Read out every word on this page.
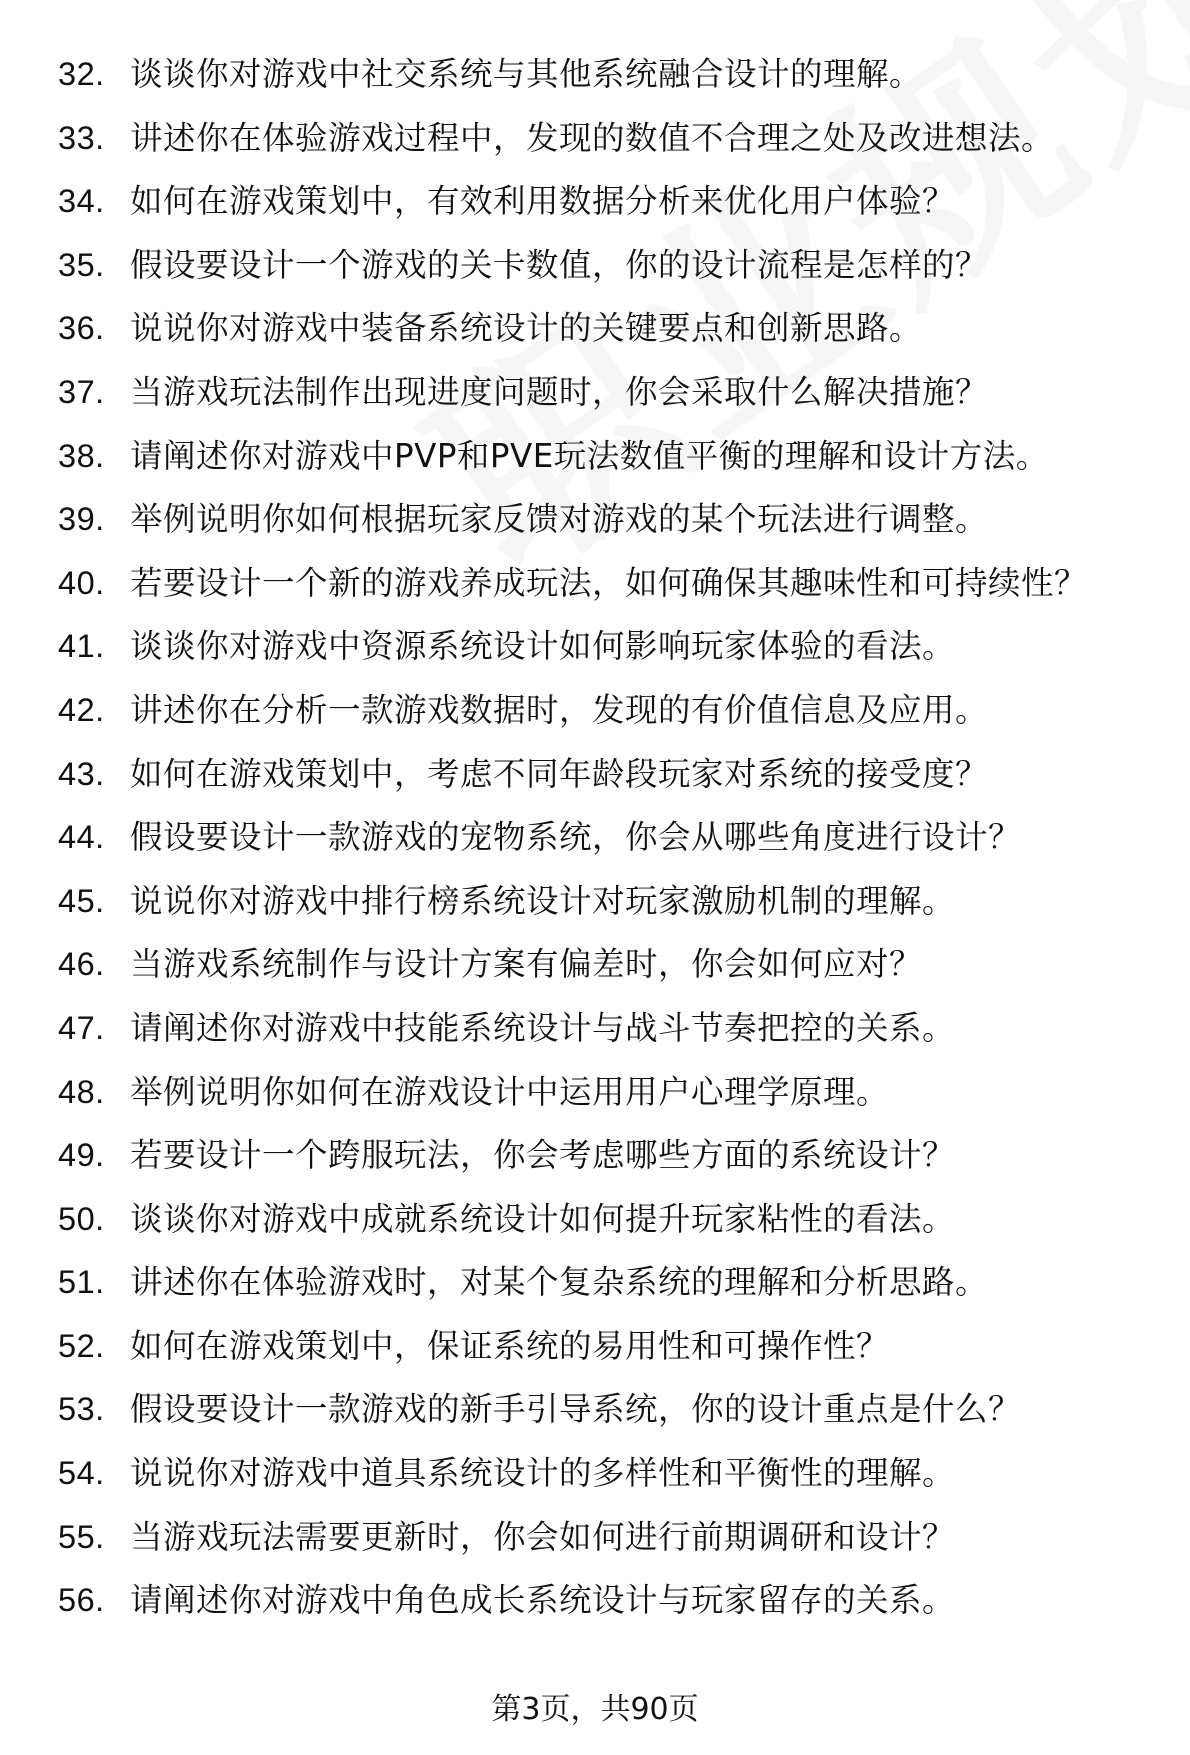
32. 谈谈你对游戏中社交系统与其他系统融合设计的理解。
33. 讲述你在体验游戏过程中，发现的数值不合理之处及改进想法。
34. 如何在游戏策划中，有效利用数据分析来优化用户体验？
35. 假设要设计一个游戏的关卡数值，你的设计流程是怎样的？
36. 说说你对游戏中装备系统设计的关键要点和创新思路。
37. 当游戏玩法制作出现进度问题时，你会采取什么解决措施？
38. 请阐述你对游戏中PVP和PVE玩法数值平衡的理解和设计方法。
39. 举例说明你如何根据玩家反馈对游戏的某个玩法进行调整。
40. 若要设计一个新的游戏养成玩法，如何确保其趣味性和可持续性？
41. 谈谈你对游戏中资源系统设计如何影响玩家体验的看法。
42. 讲述你在分析一款游戏数据时，发现的有价值信息及应用。
43. 如何在游戏策划中，考虑不同年龄段玩家对系统的接受度？
44. 假设要设计一款游戏的宠物系统，你会从哪些角度进行设计？
45. 说说你对游戏中排行榜系统设计对玩家激励机制的理解。
46. 当游戏系统制作与设计方案有偏差时，你会如何应对？
47. 请阐述你对游戏中技能系统设计与战斗节奏把控的关系。
48. 举例说明你如何在游戏设计中运用用户心理学原理。
49. 若要设计一个跨服玩法，你会考虑哪些方面的系统设计？
50. 谈谈你对游戏中成就系统设计如何提升玩家粘性的看法。
51. 讲述你在体验游戏时，对某个复杂系统的理解和分析思路。
52. 如何在游戏策划中，保证系统的易用性和可操作性？
53. 假设要设计一款游戏的新手引导系统，你的设计重点是什么？
54. 说说你对游戏中道具系统设计的多样性和平衡性的理解。
55. 当游戏玩法需要更新时，你会如何进行前期调研和设计？
56. 请阐述你对游戏中角色成长系统设计与玩家留存的关系。
第3页，共90页
